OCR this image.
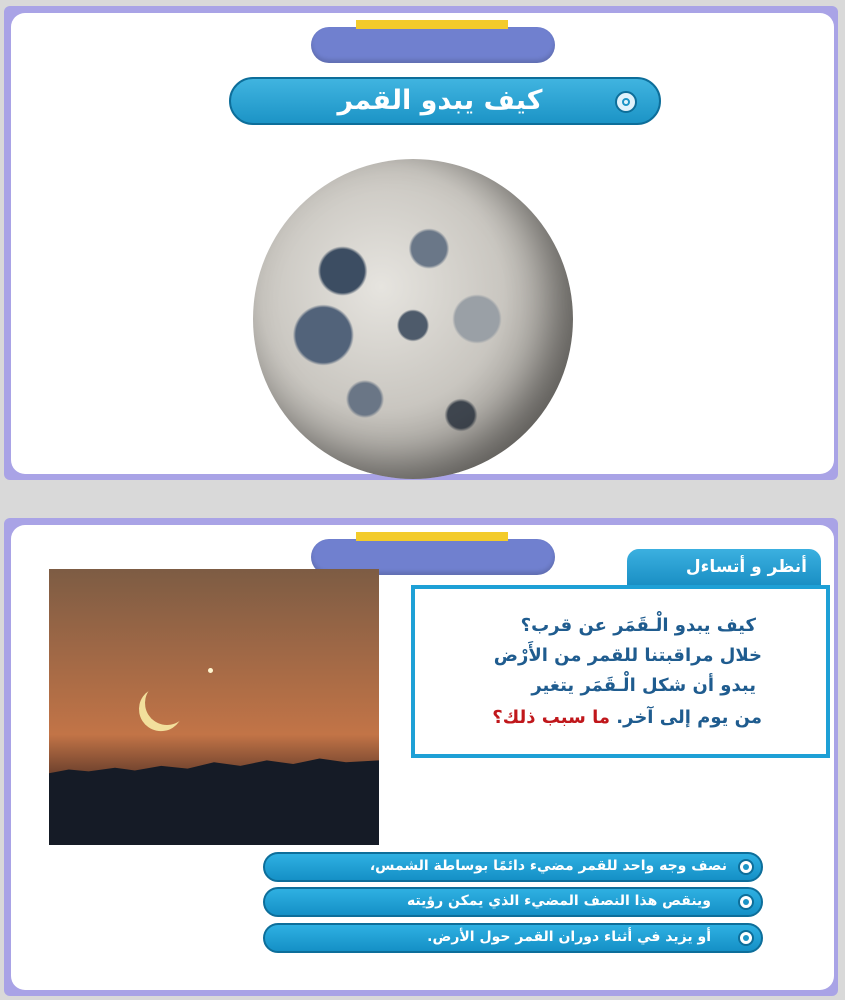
كيف يبدو القمر
أنظر و أتساءل
كيف يبدو الْـقَمَر عن قرب؟
خلال مراقبتنا للقمر من الأَرْض
يبدو أن شكل الْـقَمَر يتغير
من يوم إلى آخر. ما سبب ذلك؟
نصف وجه واحد للقمر مضيء دائمًا بوساطة الشمس،
وينقص هذا النصف المضيء الذي يمكن رؤيته
أو يزيد في أثناء دوران القمر حول الأرض.
